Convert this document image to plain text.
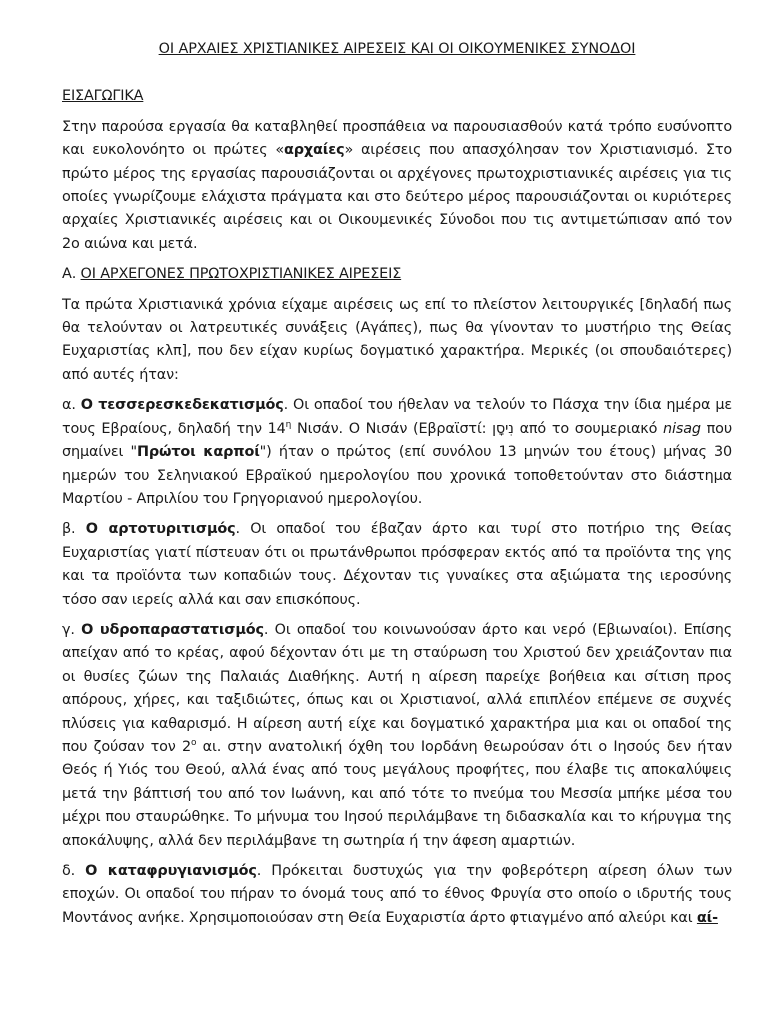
ΟΙ ΑΡΧΑΙΕΣ ΧΡΙΣΤΙΑΝΙΚΕΣ ΑΙΡΕΣΕΙΣ ΚΑΙ ΟΙ ΟΙΚΟΥΜΕΝΙΚΕΣ ΣΥΝΟΔΟΙ

ΕΙΣΑΓΩΓΙΚΑ

Στην παρούσα εργασία θα καταβληθεί προσπάθεια να παρουσιασθούν κατά τρόπο ευσύνοπτο και ευκολονόητο οι πρώτες «αρχαίες» αιρέσεις που απασχόλησαν τον Χριστιανισμό. Στο πρώτο μέρος της εργασίας παρουσιάζονται οι αρχέγονες πρωτοχριστιανικές αιρέσεις για τις οποίες γνωρίζουμε ελάχιστα πράγματα και στο δεύτερο μέρος παρουσιάζονται οι κυριότερες αρχαίες Χριστιανικές αιρέσεις και οι Οικουμενικές Σύνοδοι που τις αντιμετώπισαν από τον 2ο αιώνα και μετά.

Α. ΟΙ ΑΡΧΕΓΟΝΕΣ ΠΡΩΤΟΧΡΙΣΤΙΑΝΙΚΕΣ ΑΙΡΕΣΕΙΣ

Τα πρώτα Χριστιανικά χρόνια είχαμε αιρέσεις ως επί το πλείστον λειτουργικές [δηλαδή πως θα τελούνταν οι λατρευτικές συνάξεις (Αγάπες), πως θα γίνονταν το μυστήριο της Θείας Ευχαριστίας κλπ], που δεν είχαν κυρίως δογματικό χαρακτήρα. Μερικές (οι σπουδαιότερες) από αυτές ήταν:

α. Ο τεσσερεσκεδεκατισμός. Οι οπαδοί του ήθελαν να τελούν το Πάσχα την ίδια ημέρα με τους Εβραίους, δηλαδή την $14^\eta$ Νισάν. Ο Νισάν (Εβραϊστί: נִיסָן από το σουμεριακό nisag που σημαίνει "Πρώτοι καρποί") ήταν ο πρώτος (επί συνόλου 13 μηνών του έτους) μήνας 30 ημερών του Σεληνιακού Εβραϊκού ημερολογίου που χρονικά τοποθετούνταν στο διάστημα Μαρτίου - Απριλίου του Γρηγοριανού ημερολογίου.

β. Ο αρτοτυριτισμός. Οι οπαδοί του έβαζαν άρτο και τυρί στο ποτήριο της Θείας Ευχαριστίας γιατί πίστευαν ότι οι πρωτάνθρωποι πρόσφεραν εκτός από τα προϊόντα της γης και τα προϊόντα των κοπαδιών τους. Δέχονταν τις γυναίκες στα αξιώματα της ιεροσύνης τόσο σαν ιερείς αλλά και σαν επισκόπους.

γ. Ο υδροπαραστατισμός. Οι οπαδοί του κοινωνούσαν άρτο και νερό (Εβιωναίοι). Επίσης απείχαν από το κρέας, αφού δέχονταν ότι με τη σταύρωση του Χριστού δεν χρειάζονταν πια οι θυσίες ζώων της Παλαιάς Διαθήκης. Αυτή η αίρεση παρείχε βοήθεια και σίτιση προς απόρους, χήρες, και ταξιδιώτες, όπως και οι Χριστιανοί, αλλά επιπλέον επέμενε σε συχνές πλύσεις για καθαρισμό. Η αίρεση αυτή είχε και δογματικό χαρακτήρα μια και οι οπαδοί της που ζούσαν τον $2^o$ αι. στην ανατολική όχθη του Ιορδάνη θεωρούσαν ότι ο Ιησούς δεν ήταν Θεός ή Υιός του Θεού, αλλά ένας από τους μεγάλους προφήτες, που έλαβε τις αποκαλύψεις μετά την βάπτισή του από τον Ιωάννη, και από τότε το πνεύμα του Μεσσία μπήκε μέσα του μέχρι που σταυρώθηκε. Το μήνυμα του Ιησού περιλάμβανε τη διδασκαλία και το κήρυγμα της αποκάλυψης, αλλά δεν περιλάμβανε τη σωτηρία ή την άφεση αμαρτιών.

δ. Ο καταφρυγιανισμός. Πρόκειται δυστυχώς για την φοβερότερη αίρεση όλων των εποχών. Οι οπαδοί του πήραν το όνομά τους από το έθνος Φρυγία στο οποίο ο ιδρυτής τους Μοντάνος ανήκε. Χρησιμοποιούσαν στη Θεία Ευχαριστία άρτο φτιαγμένο από αλεύρι και αί-
